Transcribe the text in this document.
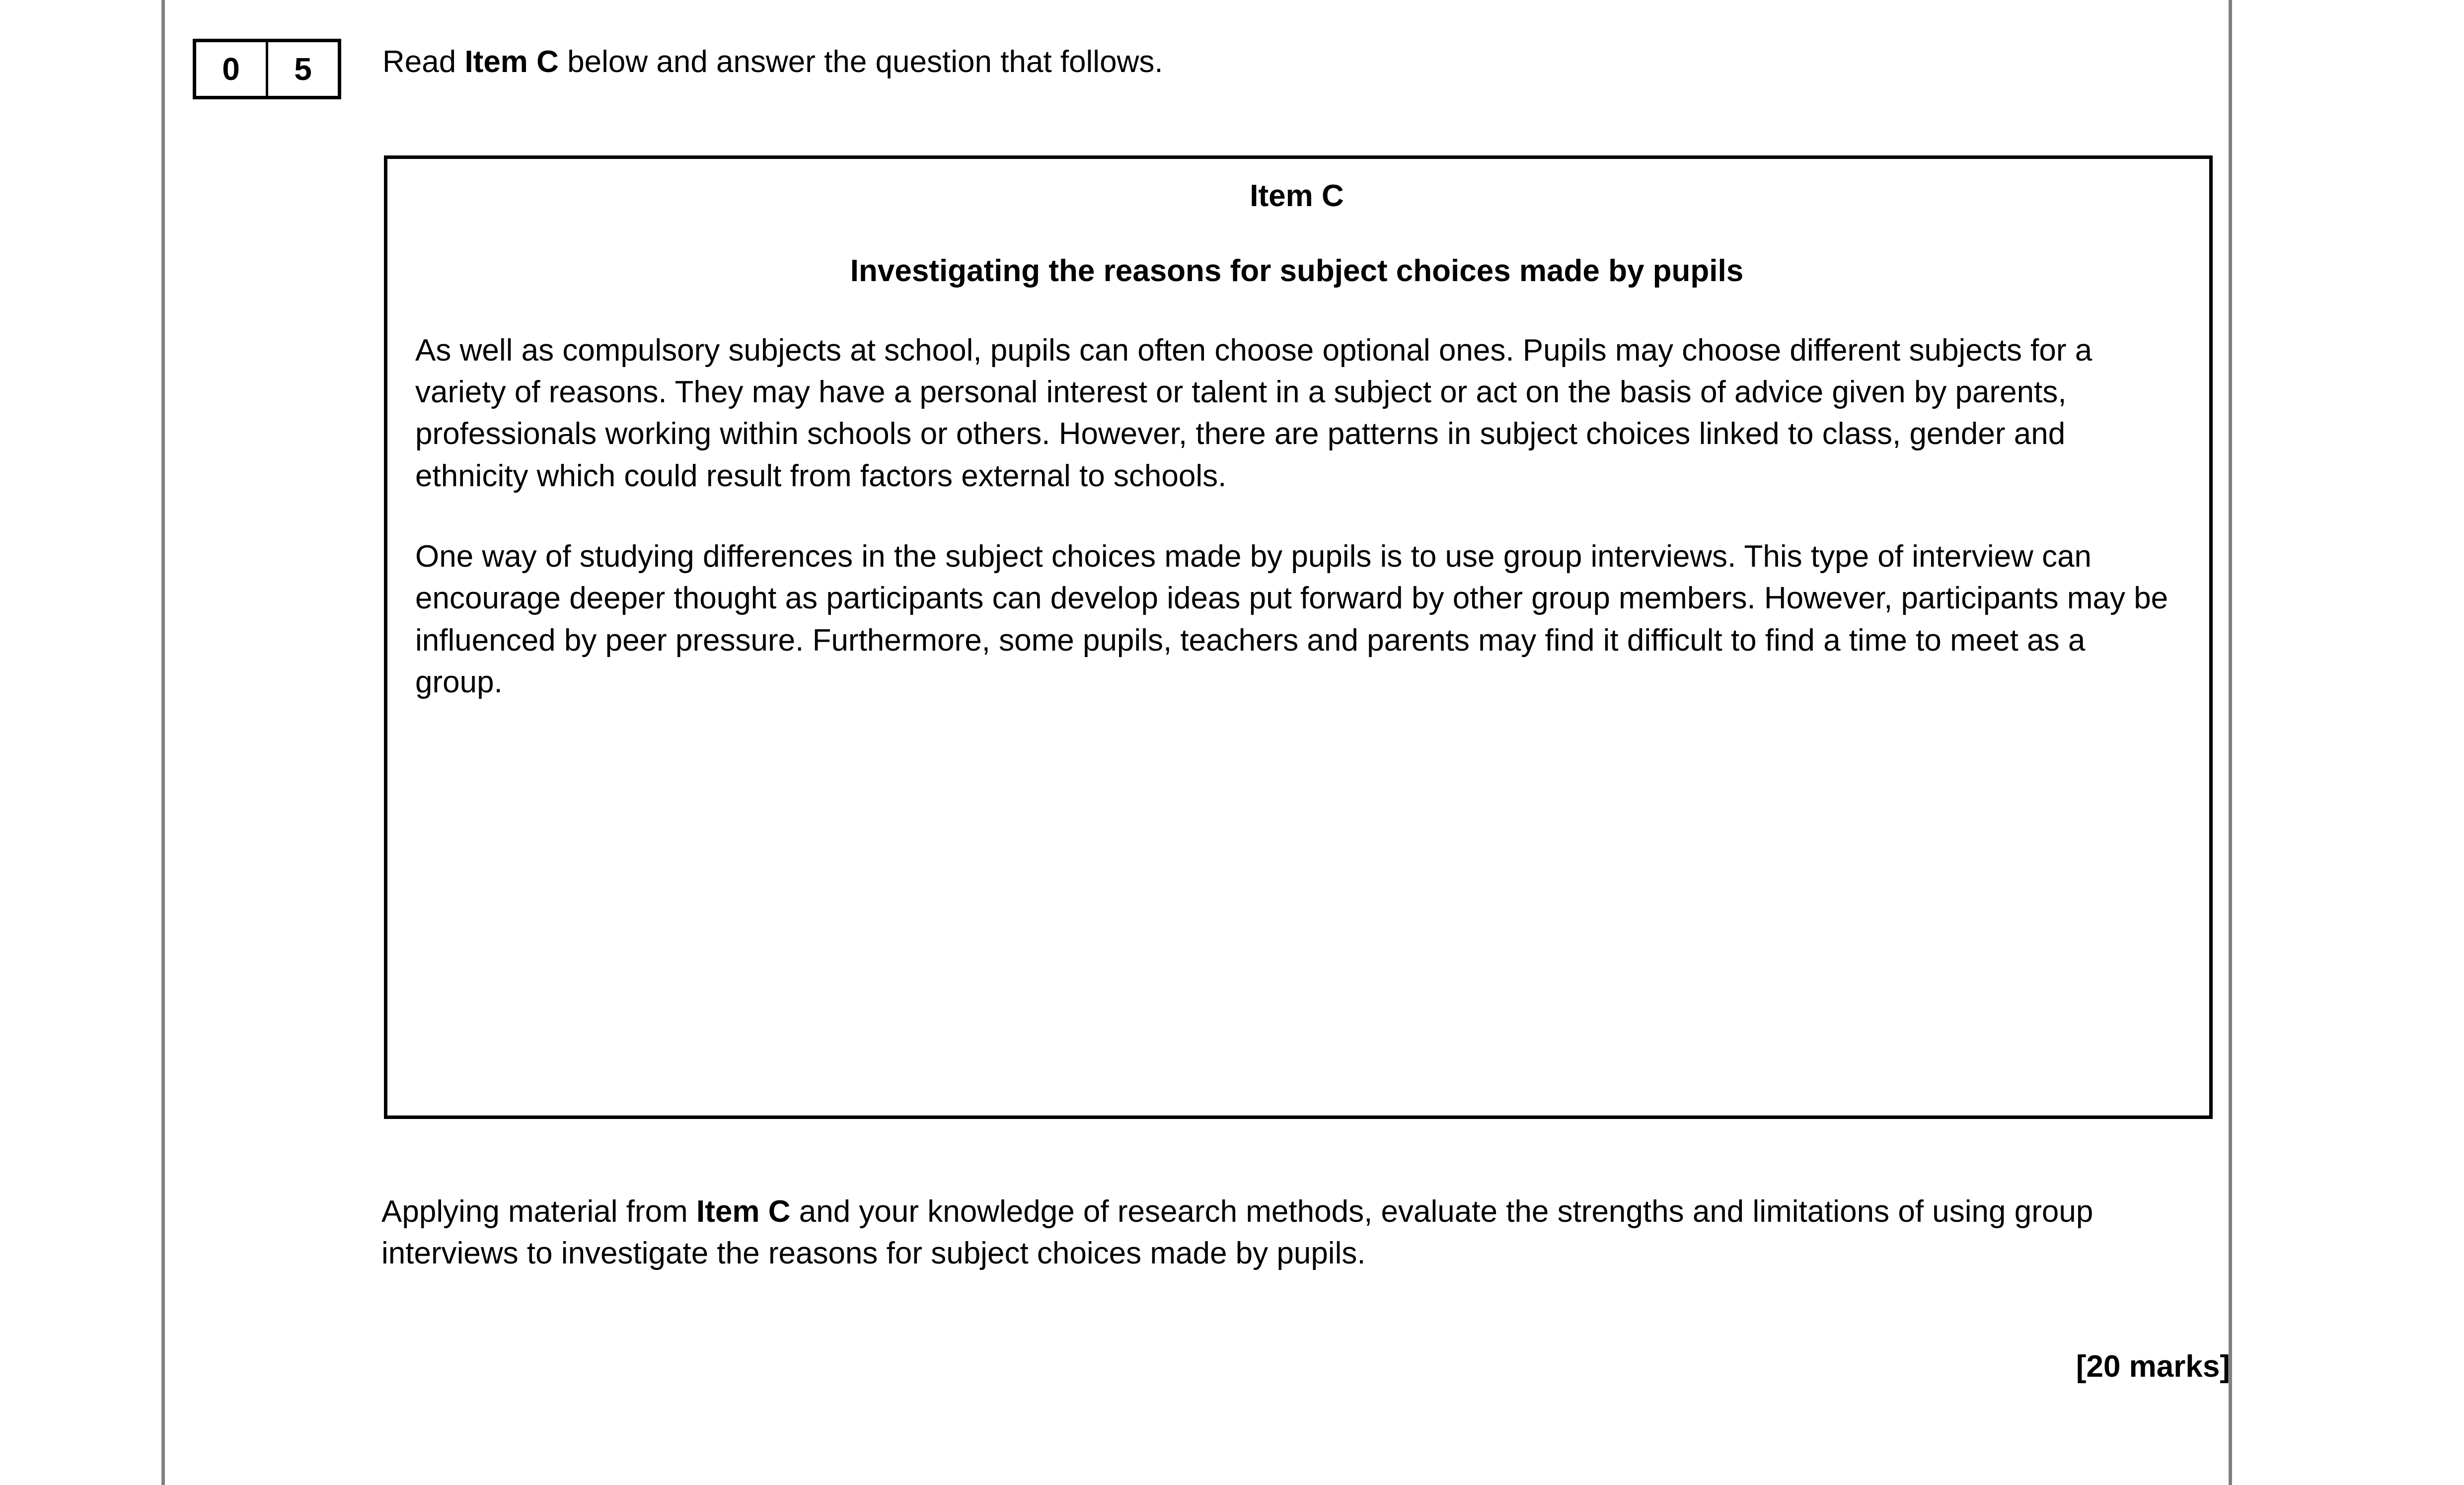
0	5	Read Item C below and answer the question that follows.

Item C

Investigating the reasons for subject choices made by pupils

As well as compulsory subjects at school, pupils can often choose optional ones. Pupils may choose different subjects for a variety of reasons. They may have a personal interest or talent in a subject or act on the basis of advice given by parents, professionals working within schools or others. However, there are patterns in subject choices linked to class, gender and ethnicity which could result from factors external to schools.

One way of studying differences in the subject choices made by pupils is to use group interviews. This type of interview can encourage deeper thought as participants can develop ideas put forward by other group members. However, participants may be influenced by peer pressure. Furthermore, some pupils, teachers and parents may find it difficult to find a time to meet as a group.

Applying material from Item C and your knowledge of research methods, evaluate the strengths and limitations of using group interviews to investigate the reasons for subject choices made by pupils.

[20 marks]
